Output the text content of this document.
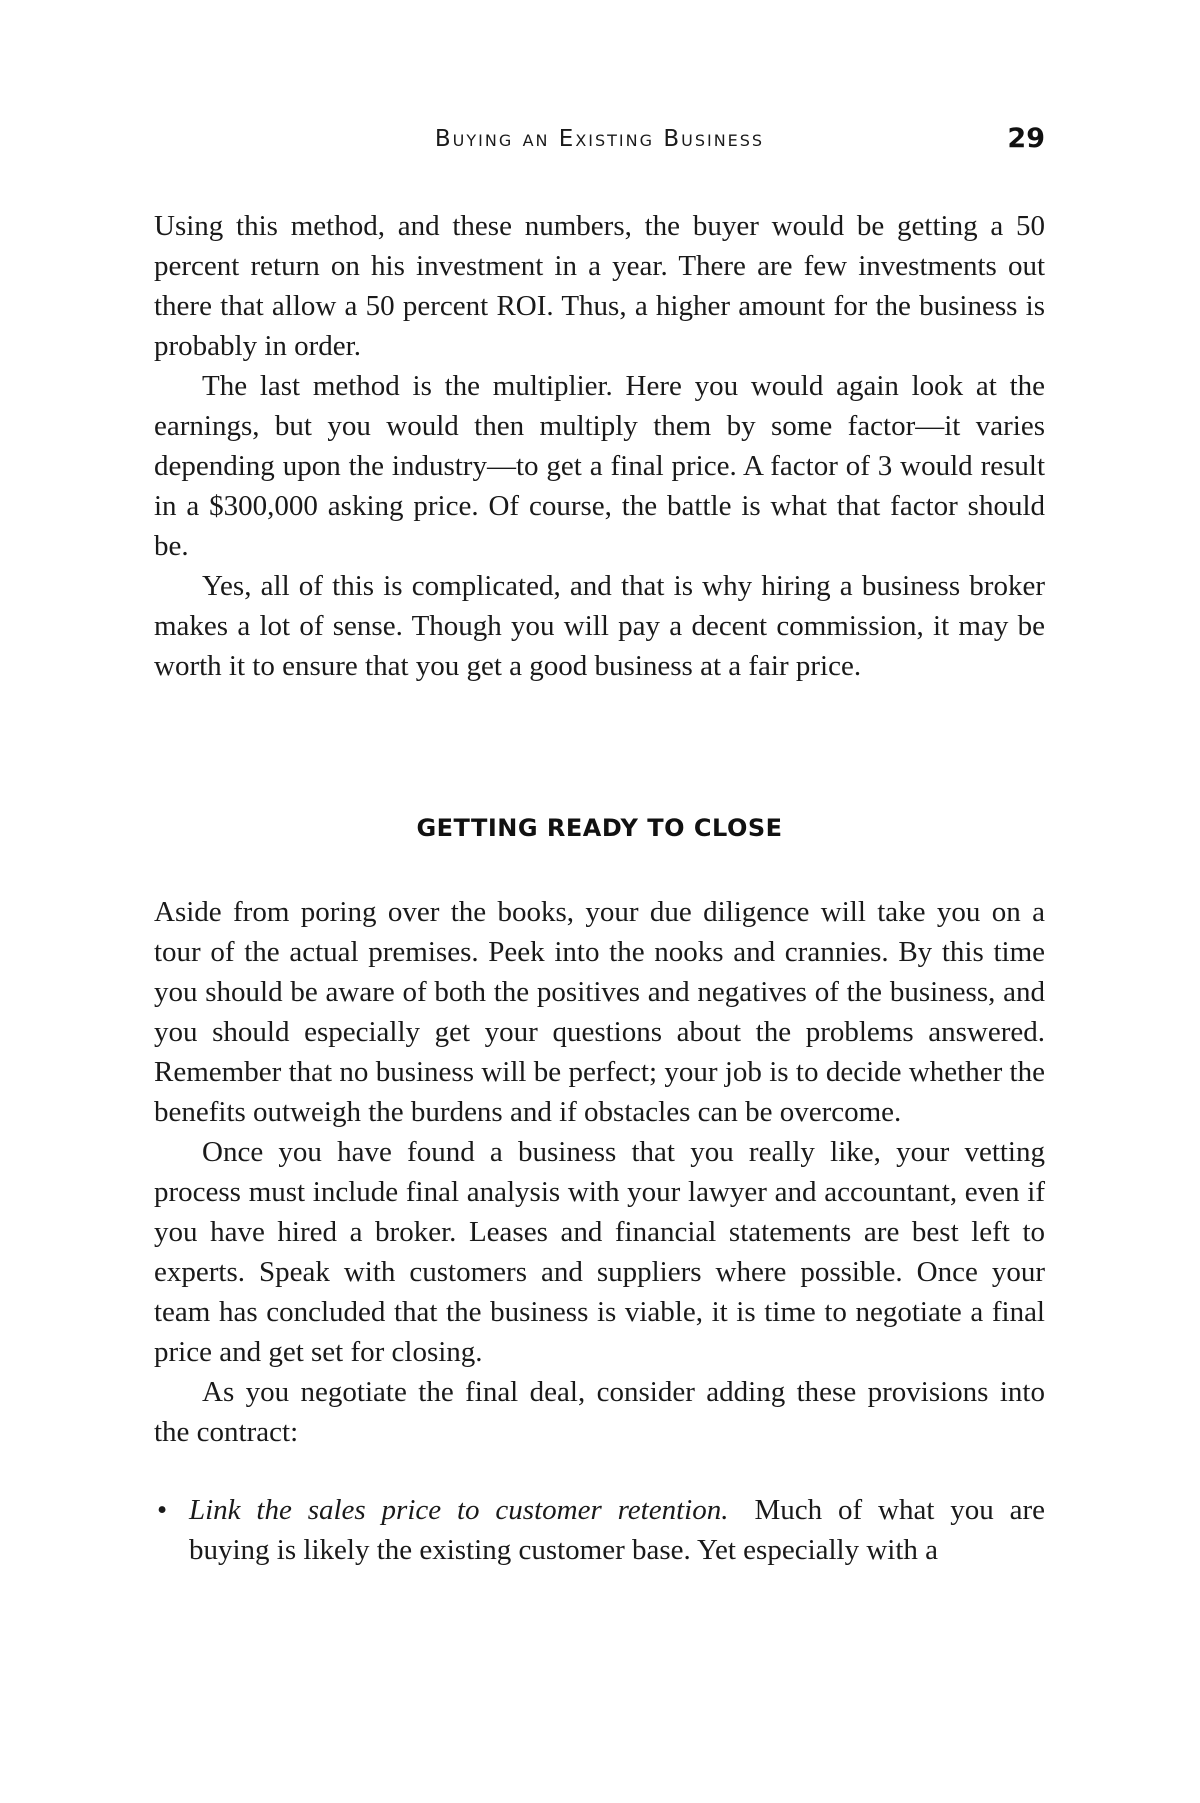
Buying an Existing Business	29

Using this method, and these numbers, the buyer would be getting a 50 percent return on his investment in a year. There are few investments out there that allow a 50 percent ROI. Thus, a higher amount for the business is probably in order.

The last method is the multiplier. Here you would again look at the earnings, but you would then multiply them by some factor—it varies depending upon the industry—to get a final price. A factor of 3 would result in a $300,000 asking price. Of course, the battle is what that factor should be.

Yes, all of this is complicated, and that is why hiring a business broker makes a lot of sense. Though you will pay a decent commission, it may be worth it to ensure that you get a good business at a fair price.

GETTING READY TO CLOSE

Aside from poring over the books, your due diligence will take you on a tour of the actual premises. Peek into the nooks and crannies. By this time you should be aware of both the positives and negatives of the business, and you should especially get your questions about the problems answered. Remember that no business will be perfect; your job is to decide whether the benefits outweigh the burdens and if obstacles can be overcome.

Once you have found a business that you really like, your vetting process must include final analysis with your lawyer and accountant, even if you have hired a broker. Leases and financial statements are best left to experts. Speak with customers and suppliers where possible. Once your team has concluded that the business is viable, it is time to negotiate a final price and get set for closing.

As you negotiate the final deal, consider adding these provisions into the contract:

• Link the sales price to customer retention. Much of what you are buying is likely the existing customer base. Yet especially with a
